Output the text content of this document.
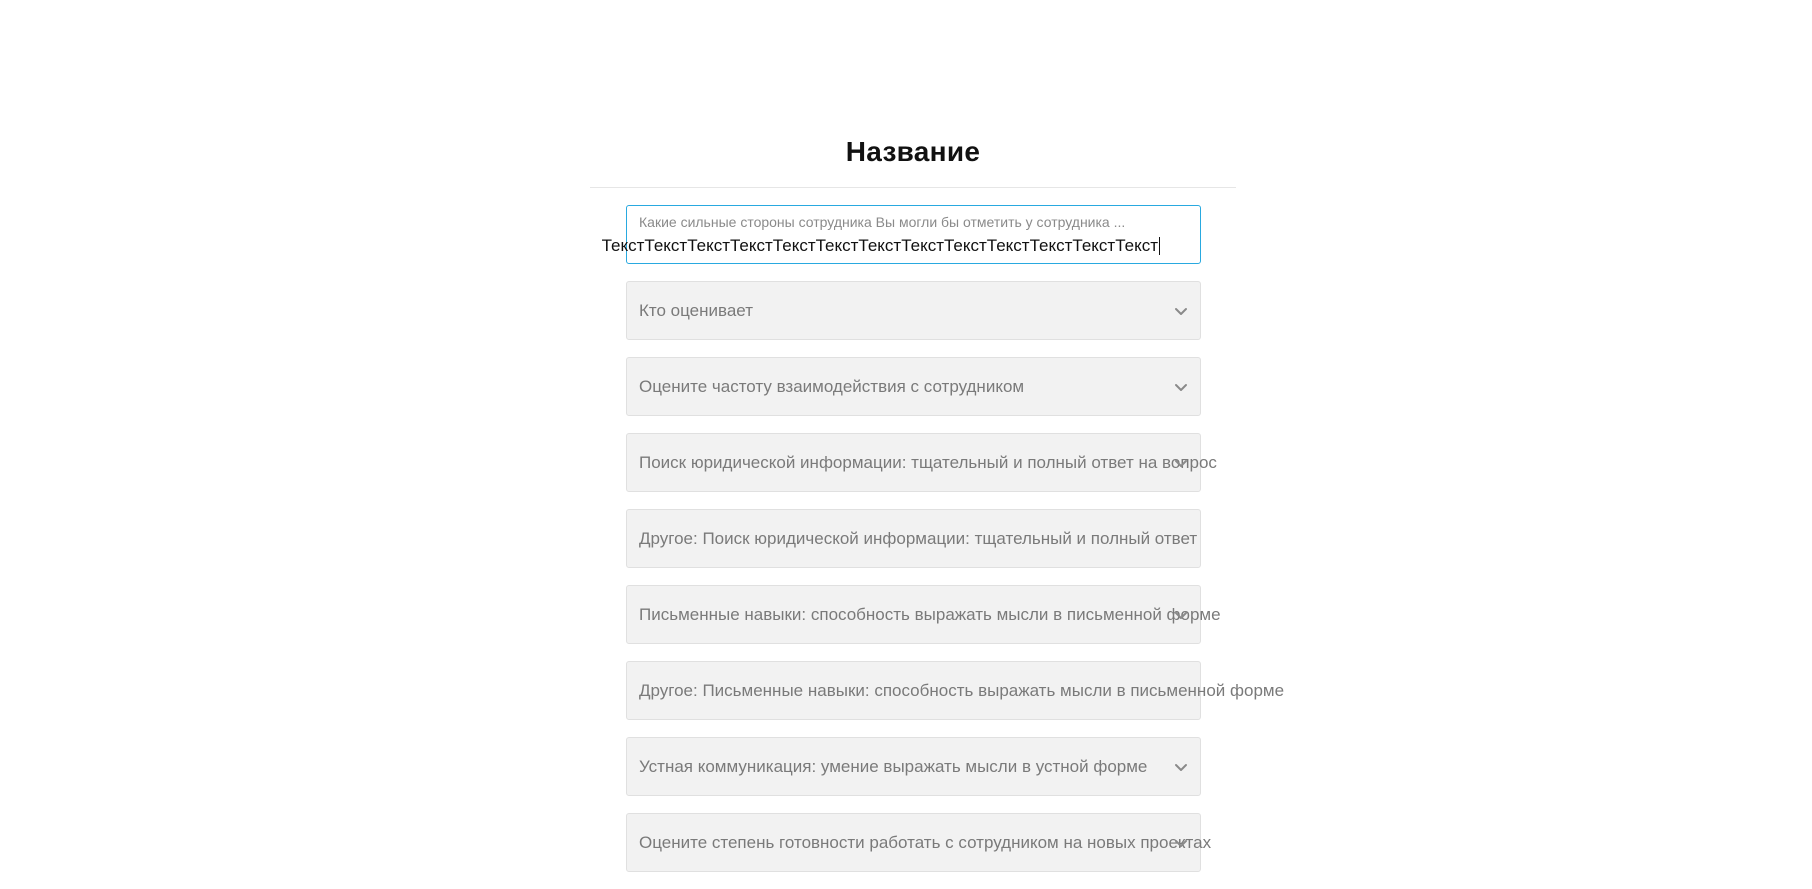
Название
Какие сильные стороны сотрудника Вы могли бы отметить у сотрудника ...
ТекстТекстТекстТекстТекстТекстТекстТекстТекстТекстТекстТекстТекст
Кто оценивает
Оцените частоту взаимодействия с сотрудником
Поиск юридической информации: тщательный и полный ответ на вопрос
Другое: Поиск юридической информации: тщательный и полный ответ
Письменные навыки: способность выражать мысли в письменной форме
Другое: Письменные навыки: способность выражать мысли в письменной форме
Устная коммуникация: умение выражать мысли в устной форме
Оцените степень готовности работать с сотрудником на новых проектах
